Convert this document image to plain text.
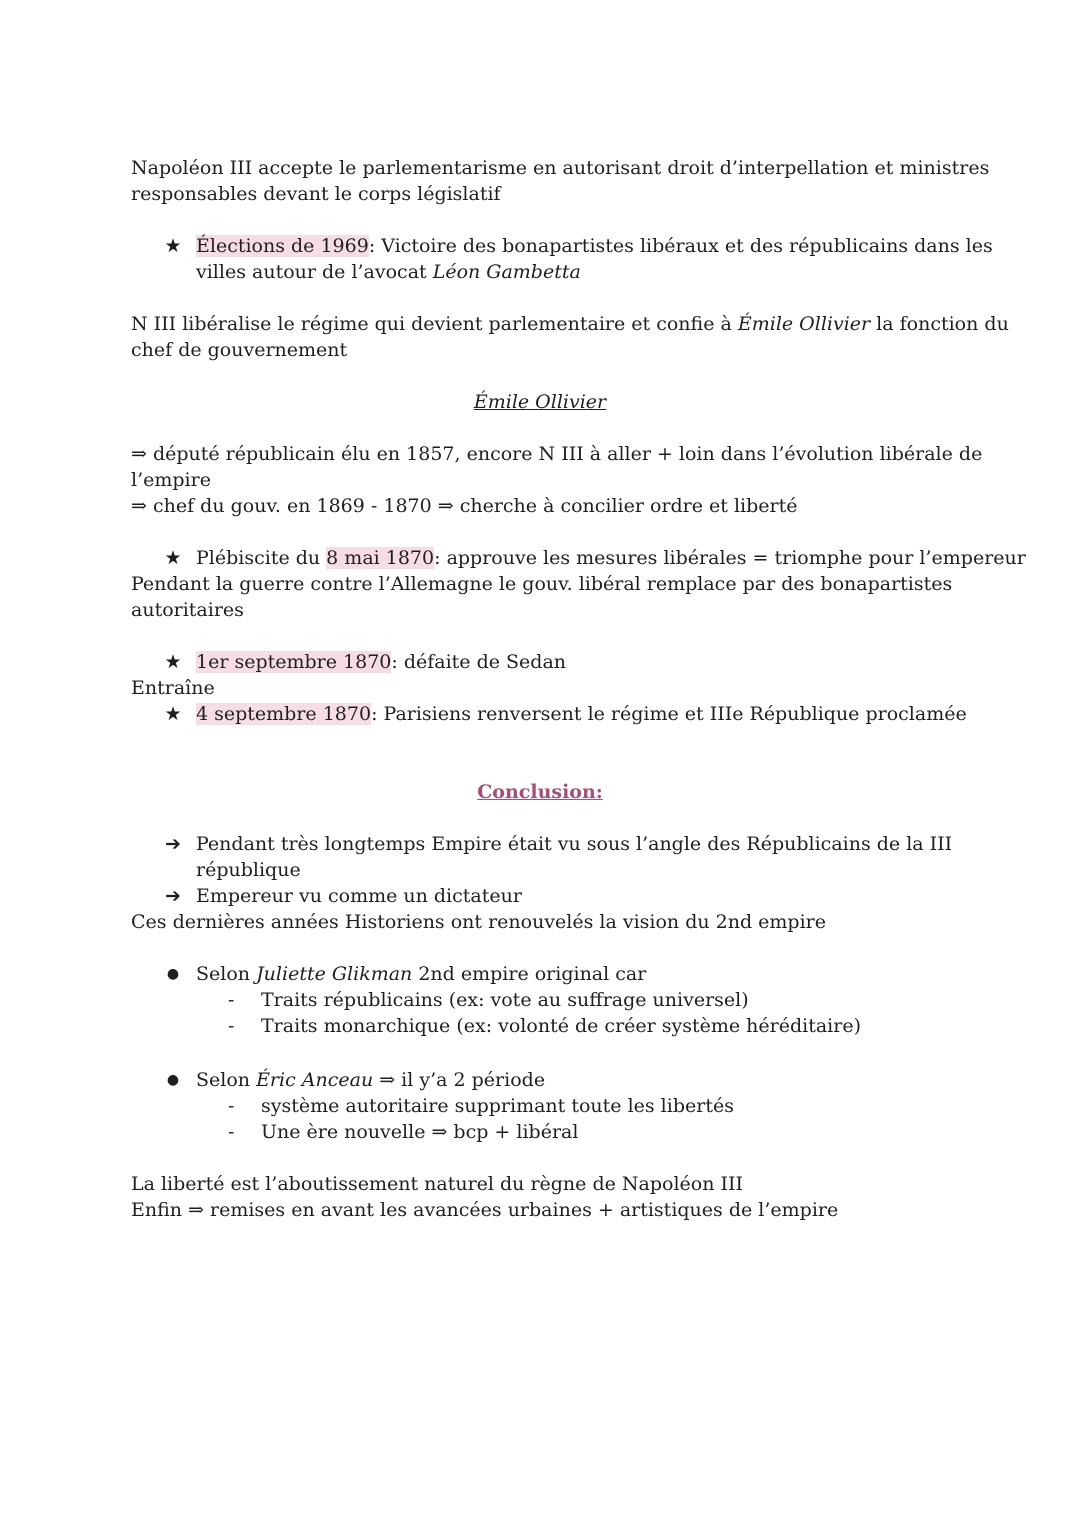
Napoléon III accepte le parlementarisme en autorisant droit d’interpellation et ministres
responsables devant le corps législatif
★ Élections de 1969: Victoire des bonapartistes libéraux et des républicains dans les
villes autour de l’avocat Léon Gambetta
N III libéralise le régime qui devient parlementaire et confie à Émile Ollivier la fonction du
chef de gouvernement
Émile Ollivier
⇒ député républicain élu en 1857, encore N III à aller + loin dans l’évolution libérale de
l’empire
⇒ chef du gouv. en 1869 - 1870 ⇒ cherche à concilier ordre et liberté
★ Plébiscite du 8 mai 1870: approuve les mesures libérales = triomphe pour l’empereur
Pendant la guerre contre l’Allemagne le gouv. libéral remplace par des bonapartistes
autoritaires
★ 1er septembre 1870: défaite de Sedan
Entraîne
★ 4 septembre 1870: Parisiens renversent le régime et IIIe République proclamée
Conclusion:
➔ Pendant très longtemps Empire était vu sous l’angle des Républicains de la III
république
➔ Empereur vu comme un dictateur
Ces dernières années Historiens ont renouvelés la vision du 2nd empire
● Selon Juliette Glikman 2nd empire original car
- Traits républicains (ex: vote au suffrage universel)
- Traits monarchique (ex: volonté de créer système héréditaire)
● Selon Éric Anceau ⇒ il y’a 2 période
- système autoritaire supprimant toute les libertés
- Une ère nouvelle ⇒ bcp + libéral
La liberté est l’aboutissement naturel du règne de Napoléon III
Enfin ⇒ remises en avant les avancées urbaines + artistiques de l’empire
